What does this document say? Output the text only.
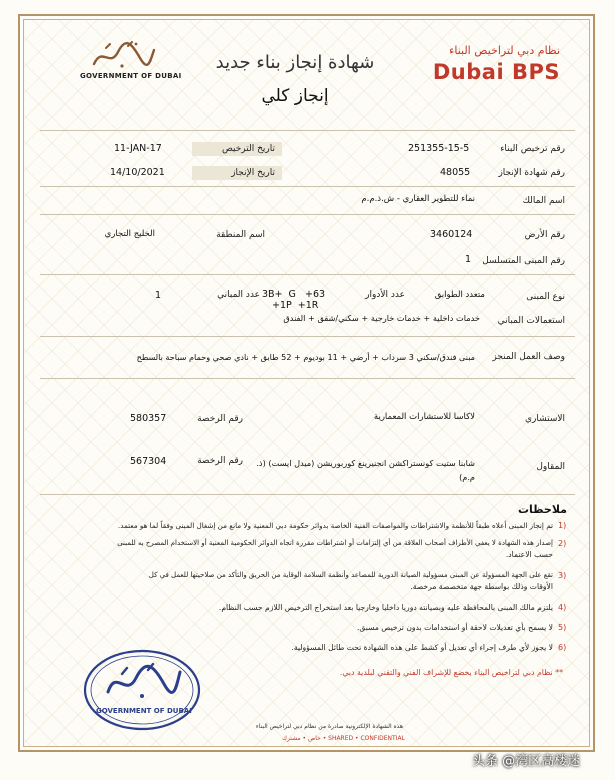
GOVERNMENT OF DUBAI
شهادة إنجاز بناء جديد
إنجاز كلي
نظام دبي لتراخيص البناء
Dubai BPS
رقم ترخيص البناء
251355-15-5
تاريخ الترخيص
11-JAN-17
رقم شهادة الإنجاز
48055
تاريخ الإنجاز
14/10/2021
اسم المالك
نماء للتطوير العقاري - ش.ذ.م.م
رقم الأرض
3460124
اسم المنطقة
الخليج التجاري
رقم المبنى المتسلسل
1
نوع المبنى
متعدد الطوابق
عدد الأدوار
3B+  G   +63
+1P  +1R
عدد المباني
1
استعمالات المباني
خدمات داخلية + خدمات خارجية + سكني/شقق + الفندق
وصف العمل المنجز
مبنى فندق/سكني 3 سرداب + أرضي + 11 بوديوم + 52 طابق + نادي صحي وحمام سباحة بالسطح
الاستشاري
لاكاسا للاستشارات المعمارية
رقم الرخصة
580357
المقاول
شابنا ستيت كونستراكشن انجنيرينغ كوربوريشن (ميدل ايست) (ذ.
م.م)
رقم الرخصة
567304
ملاحظات
1)
تم إنجاز المبنى أعلاه طبقاً للأنظمة والاشتراطات والمواصفات الفنية الخاصة بدوائر حكومة دبي المعنية ولا مانع من إشغال المبنى وفقاً لما هو معتمد.
2)
إصدار هذه الشهادة لا يعفي الأطراف أصحاب العلاقة من أي إلتزامات أو اشتراطات مقررة اتجاه الدوائر الحكومية المعنية أو الاستخدام المصرح به للمبنى
حسب الاعتماد.
3)
تقع على الجهة المسؤولة عن المبنى مسؤولية الصيانة الدورية للمصاعد وأنظمة السلامة الوقاية من الحريق والتأكد من صلاحيتها للعمل في كل
الأوقات وذلك بواسطة جهة متخصصة مرخصة.
4)
يلتزم مالك المبنى بالمحافظة عليه وبصيانته دوريا داخليا وخارجيا بعد استخراج الترخيص اللازم حسب النظام.
5)
لا يسمح بأي تعديلات لاحقة أو استخدامات بدون ترخيص مسبق.
6)
لا يجوز لأي طرف إجراء أي تعديل أو كشط على هذه الشهادة تحت طائل المسؤولية.
** نظام دبي لتراخيص البناء يخضع للإشراف الفني والتقني لبلدية دبي.
GOVERNMENT OF DUBAI
هذه الشهادة الإلكترونية صادرة من نظام دبي لتراخيص البناء
خاص • مشترك • SHARED • CONFIDENTIAL
头条 @湾区高楼迷
